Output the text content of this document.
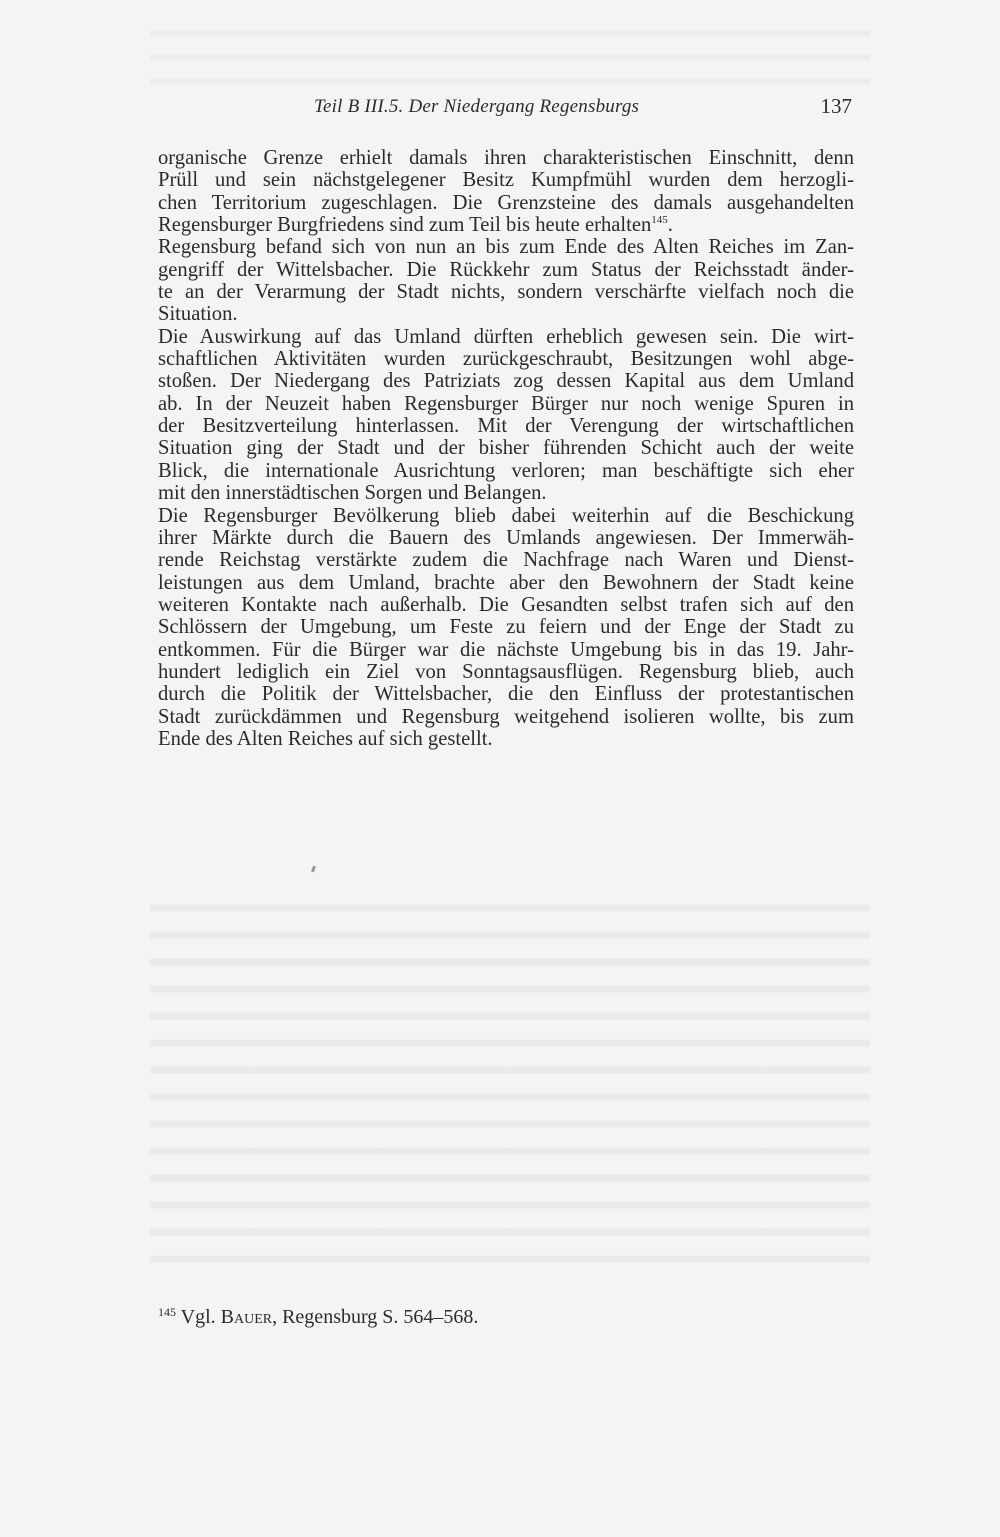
Teil B III.5. Der Niedergang Regensburgs	137
organische Grenze erhielt damals ihren charakteristischen Einschnitt, denn
Prüll und sein nächstgelegener Besitz Kumpfmühl wurden dem herzogli-
chen Territorium zugeschlagen. Die Grenzsteine des damals ausgehandelten
Regensburger Burgfriedens sind zum Teil bis heute erhalten$^{145}$.
Regensburg befand sich von nun an bis zum Ende des Alten Reiches im Zan-
gengriff der Wittelsbacher. Die Rückkehr zum Status der Reichsstadt änder-
te an der Verarmung der Stadt nichts, sondern verschärfte vielfach noch die
Situation.
Die Auswirkung auf das Umland dürften erheblich gewesen sein. Die wirt-
schaftlichen Aktivitäten wurden zurückgeschraubt, Besitzungen wohl abge-
stoßen. Der Niedergang des Patriziats zog dessen Kapital aus dem Umland
ab. In der Neuzeit haben Regensburger Bürger nur noch wenige Spuren in
der Besitzverteilung hinterlassen. Mit der Verengung der wirtschaftlichen
Situation ging der Stadt und der bisher führenden Schicht auch der weite
Blick, die internationale Ausrichtung verloren; man beschäftigte sich eher
mit den innerstädtischen Sorgen und Belangen.
Die Regensburger Bevölkerung blieb dabei weiterhin auf die Beschickung
ihrer Märkte durch die Bauern des Umlands angewiesen. Der Immerwäh-
rende Reichstag verstärkte zudem die Nachfrage nach Waren und Dienst-
leistungen aus dem Umland, brachte aber den Bewohnern der Stadt keine
weiteren Kontakte nach außerhalb. Die Gesandten selbst trafen sich auf den
Schlössern der Umgebung, um Feste zu feiern und der Enge der Stadt zu
entkommen. Für die Bürger war die nächste Umgebung bis in das 19. Jahr-
hundert lediglich ein Ziel von Sonntagsausflügen. Regensburg blieb, auch
durch die Politik der Wittelsbacher, die den Einfluss der protestantischen
Stadt zurückdämmen und Regensburg weitgehend isolieren wollte, bis zum
Ende des Alten Reiches auf sich gestellt.
$^{145}$ Vgl. Bauer, Regensburg S. 564–568.
